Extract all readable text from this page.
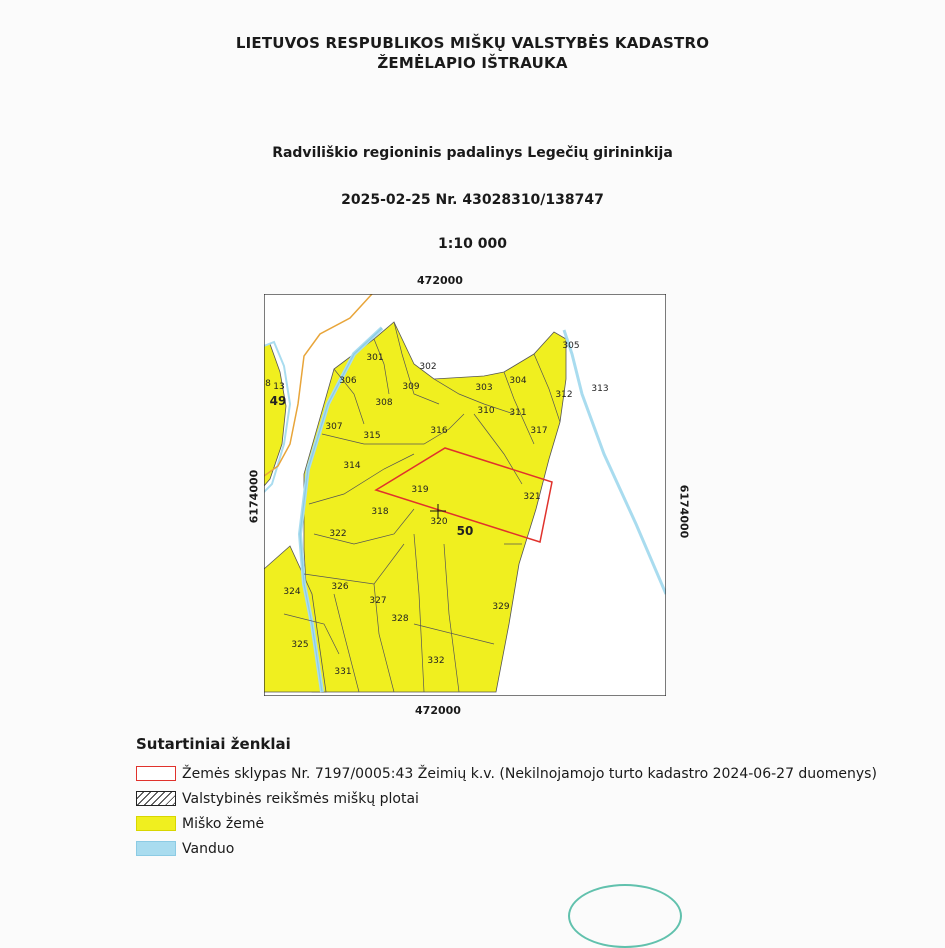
LIETUVOS RESPUBLIKOS MIŠKŲ VALSTYBĖS KADASTRO
ŽEMĖLAPIO IŠTRAUKA
Radviliškio regioninis padalinys Legečių girininkija
2025-02-25 Nr. 43028310/138747
1:10 000
472000
472000
6174000	6174000
301
302
303
304
305
306
307
308
309
310 311
312
313
314
315	316	317
318
319
320
321
322
324
325
326
327
328
329
331
332
49
50
8 13
Sutartiniai ženklai
Žemės sklypas Nr. 7197/0005:43 Žeimių k.v. (Nekilnojamojo turto kadastro 2024-06-27 duomenys)
Valstybinės reikšmės miškų plotai
Miško žemė
Vanduo
